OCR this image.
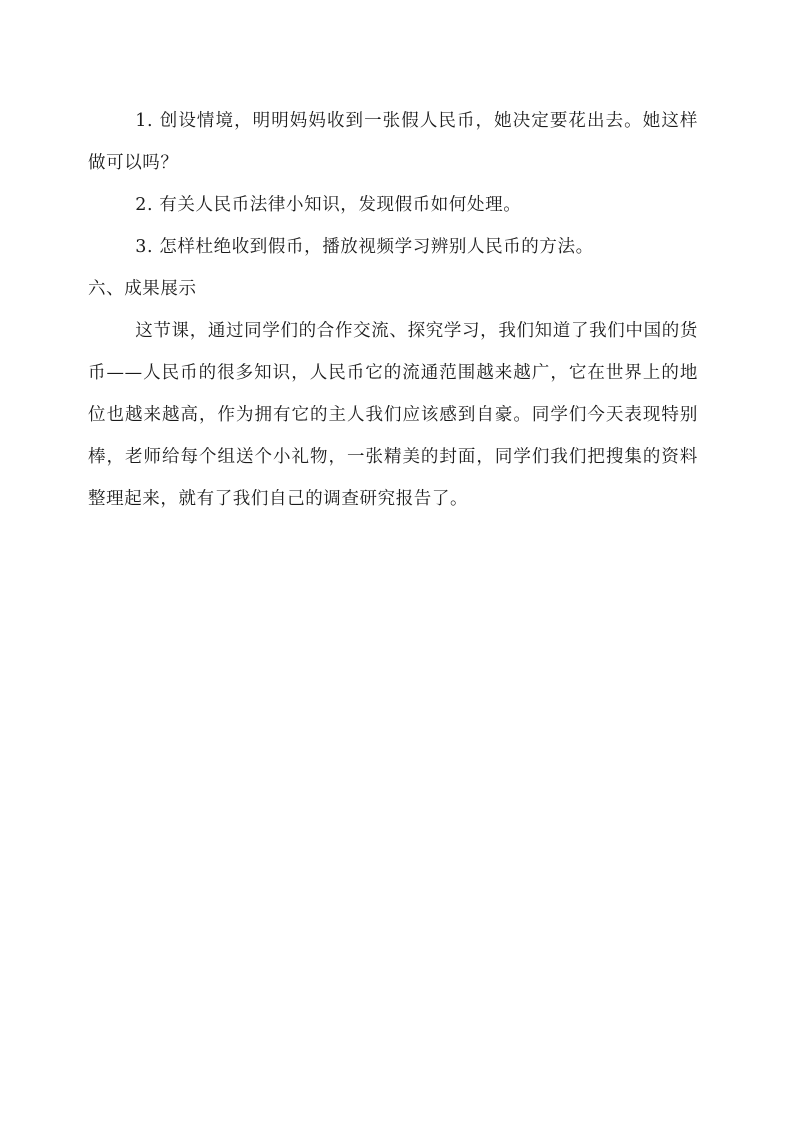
1. 创设情境，明明妈妈收到一张假人民币，她决定要花出去。她这样做可以吗？

2. 有关人民币法律小知识，发现假币如何处理。

3. 怎样杜绝收到假币，播放视频学习辨别人民币的方法。

六、成果展示

这节课，通过同学们的合作交流、探究学习，我们知道了我们中国的货币——人民币的很多知识，人民币它的流通范围越来越广，它在世界上的地位也越来越高，作为拥有它的主人我们应该感到自豪。同学们今天表现特别棒，老师给每个组送个小礼物，一张精美的封面，同学们我们把搜集的资料整理起来，就有了我们自己的调查研究报告了。
